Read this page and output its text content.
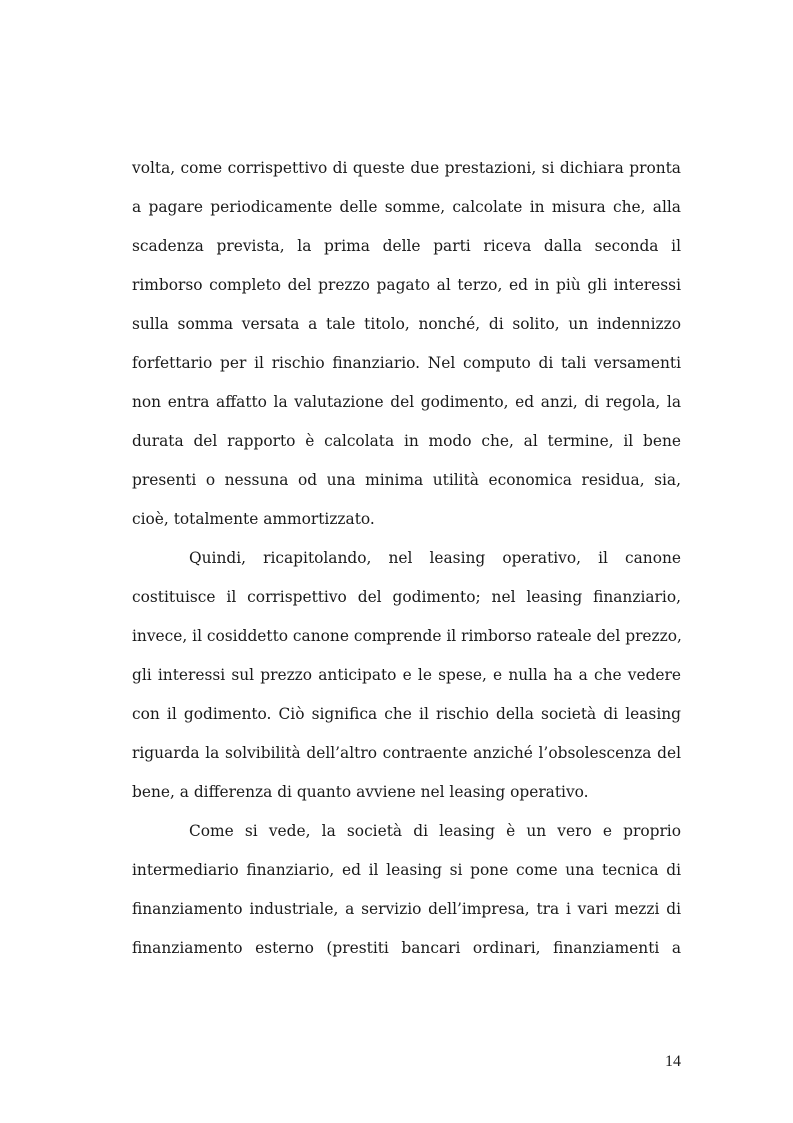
volta, come corrispettivo di queste due prestazioni, si dichiara pronta
a pagare periodicamente delle somme, calcolate in misura che, alla
scadenza prevista, la prima delle parti riceva dalla seconda il
rimborso completo del prezzo pagato al terzo, ed in più gli interessi
sulla somma versata a tale titolo, nonché, di solito, un indennizzo
forfettario per il rischio finanziario. Nel computo di tali versamenti
non entra affatto la valutazione del godimento, ed anzi, di regola, la
durata del rapporto è calcolata in modo che, al termine, il bene
presenti o nessuna od una minima utilità economica residua, sia,
cioè, totalmente ammortizzato.
Quindi, ricapitolando, nel leasing operativo, il canone
costituisce il corrispettivo del godimento; nel leasing finanziario,
invece, il cosiddetto canone comprende il rimborso rateale del prezzo,
gli interessi sul prezzo anticipato e le spese, e nulla ha a che vedere
con il godimento. Ciò significa che il rischio della società di leasing
riguarda la solvibilità dell’altro contraente anziché l’obsolescenza del
bene, a differenza di quanto avviene nel leasing operativo.
Come si vede, la società di leasing è un vero e proprio
intermediario finanziario, ed il leasing si pone come una tecnica di
finanziamento industriale, a servizio dell’impresa, tra i vari mezzi di
finanziamento esterno (prestiti bancari ordinari, finanziamenti a
14
